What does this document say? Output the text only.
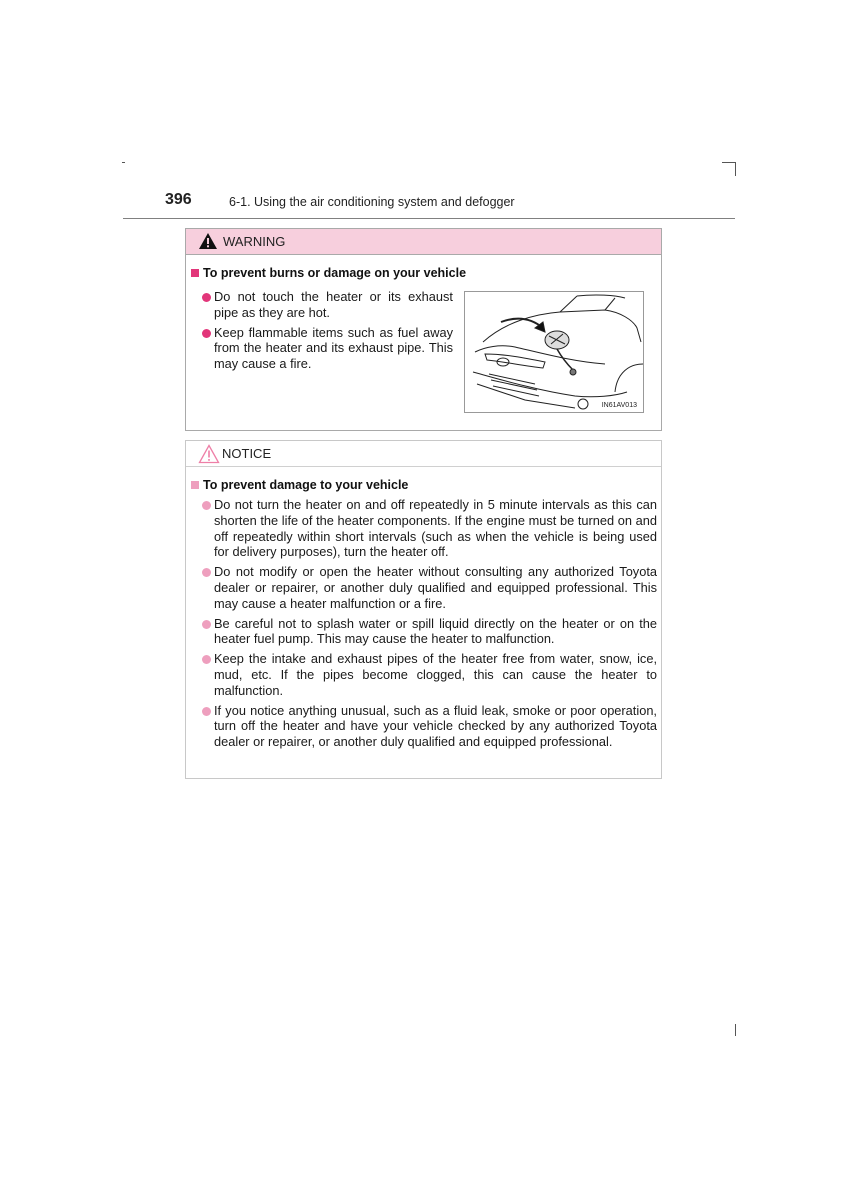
396	6-1. Using the air conditioning system and defogger
WARNING
To prevent burns or damage on your vehicle
Do not touch the heater or its exhaust pipe as they are hot.
Keep flammable items such as fuel away from the heater and its exhaust pipe. This may cause a fire.
IN61AV013
NOTICE
To prevent damage to your vehicle
Do not turn the heater on and off repeatedly in 5 minute intervals as this can shorten the life of the heater components. If the engine must be turned on and off repeatedly within short intervals (such as when the vehicle is being used for delivery purposes), turn the heater off.
Do not modify or open the heater without consulting any authorized Toyota dealer or repairer, or another duly qualified and equipped professional. This may cause a heater malfunction or a fire.
Be careful not to splash water or spill liquid directly on the heater or on the heater fuel pump. This may cause the heater to malfunction.
Keep the intake and exhaust pipes of the heater free from water, snow, ice, mud, etc. If the pipes become clogged, this can cause the heater to malfunction.
If you notice anything unusual, such as a fluid leak, smoke or poor operation, turn off the heater and have your vehicle checked by any authorized Toyota dealer or repairer, or another duly qualified and equipped professional.
